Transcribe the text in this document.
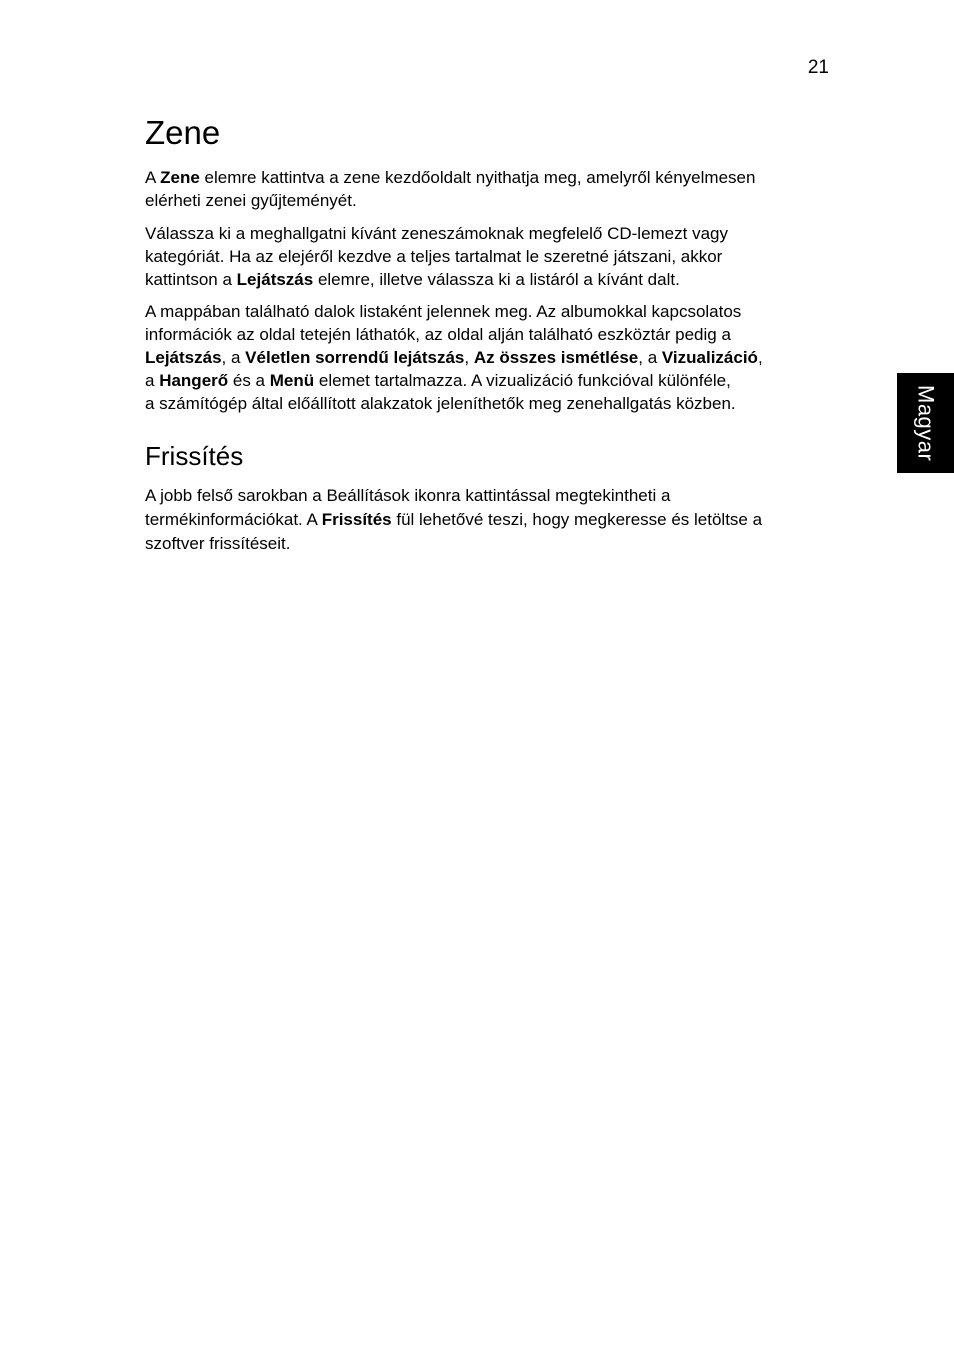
21
Magyar
Zene

A Zene elemre kattintva a zene kezdőoldalt nyithatja meg, amelyről kényelmesen
elérheti zenei gyűjteményét.

Válassza ki a meghallgatni kívánt zeneszámoknak megfelelő CD-lemezt vagy
kategóriát. Ha az elejéről kezdve a teljes tartalmat le szeretné játszani, akkor
kattintson a Lejátszás elemre, illetve válassza ki a listáról a kívánt dalt.

A mappában található dalok listaként jelennek meg. Az albumokkal kapcsolatos
információk az oldal tetején láthatók, az oldal alján található eszköztár pedig a
Lejátszás, a Véletlen sorrendű lejátszás, Az összes ismétlése, a Vizualizáció,
a Hangerő és a Menü elemet tartalmazza. A vizualizáció funkcióval különféle,
a számítógép által előállított alakzatok jeleníthetők meg zenehallgatás közben.

Frissítés

A jobb felső sarokban a Beállítások ikonra kattintással megtekintheti a
termékinformációkat. A Frissítés fül lehetővé teszi, hogy megkeresse és letöltse a
szoftver frissítéseit.
